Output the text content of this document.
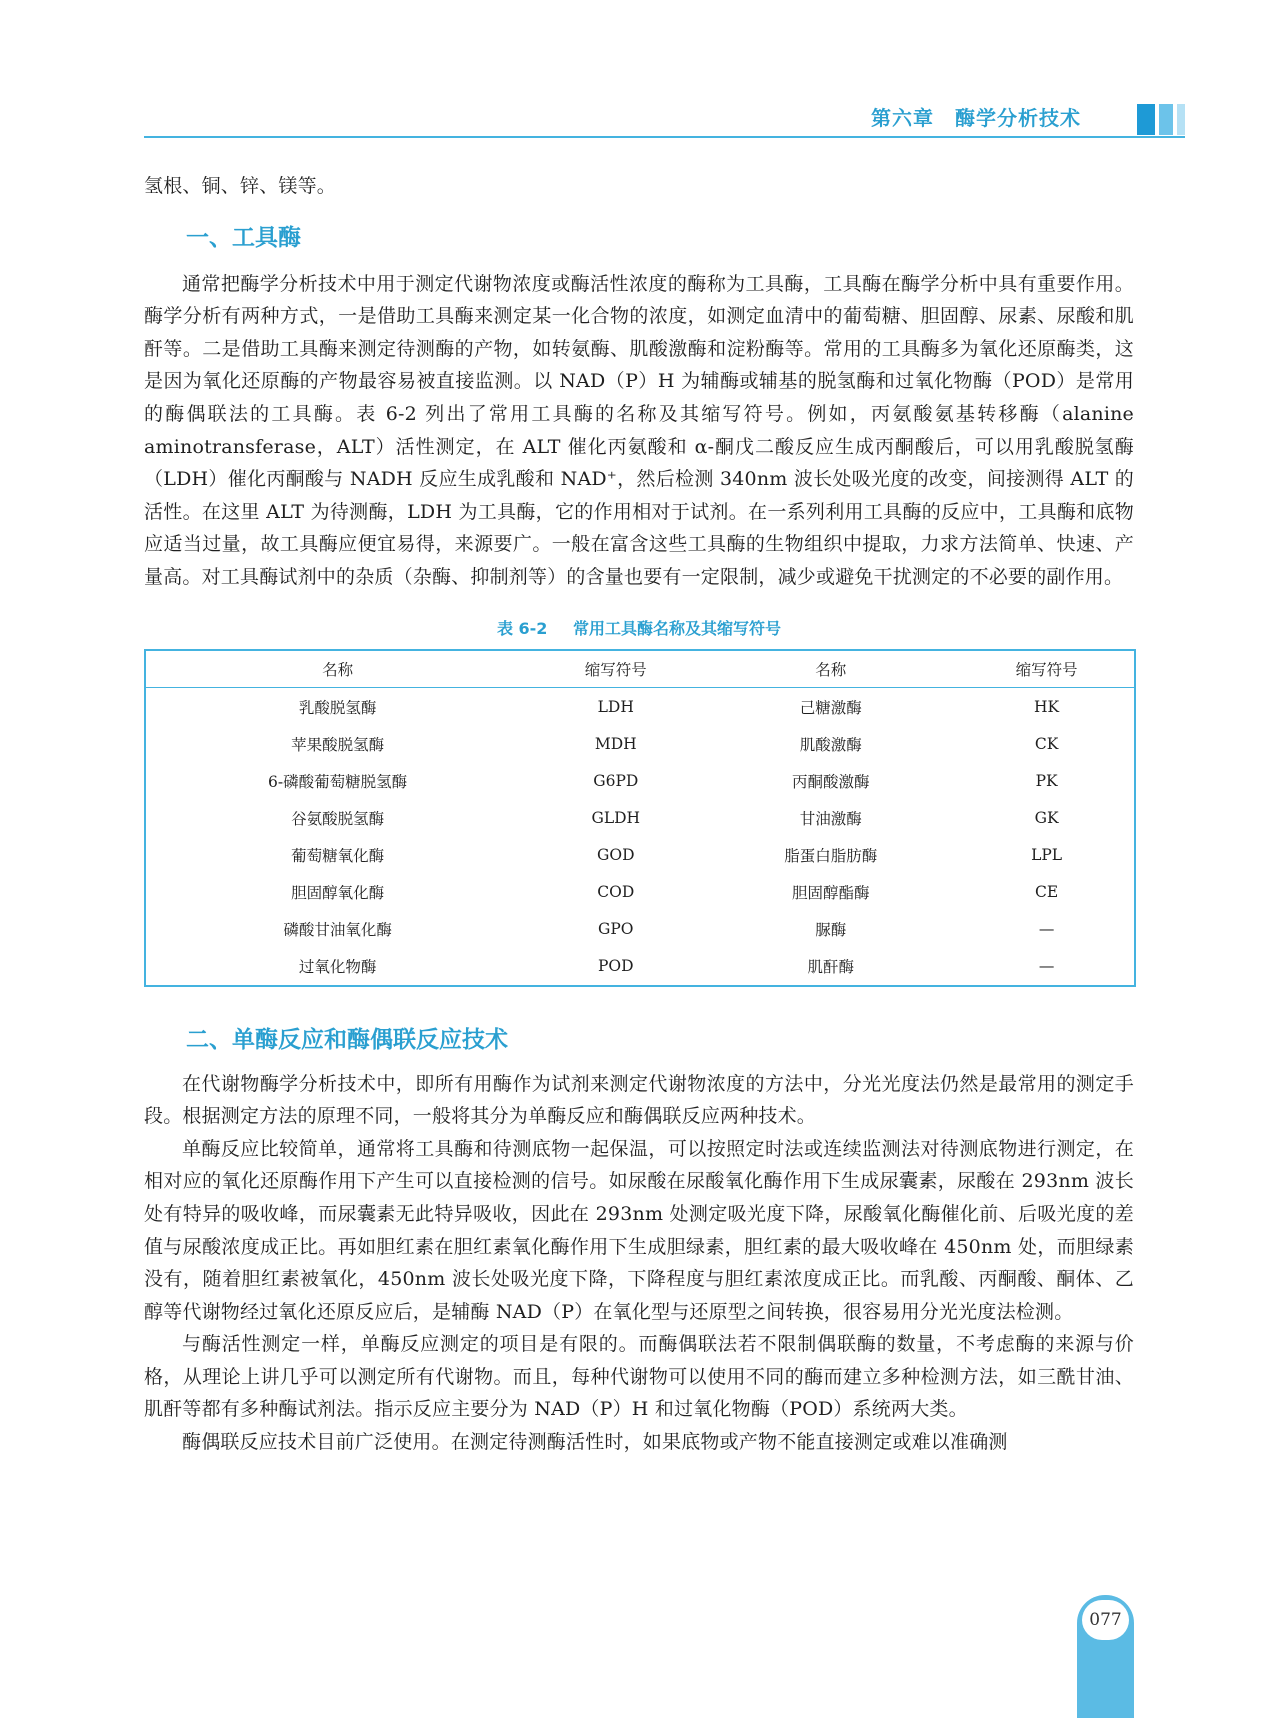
第六章　酶学分析技术

氢根、铜、锌、镁等。

一、工具酶

通常把酶学分析技术中用于测定代谢物浓度或酶活性浓度的酶称为工具酶，工具酶在酶学分析中具有重要作用。酶学分析有两种方式，一是借助工具酶来测定某一化合物的浓度，如测定血清中的葡萄糖、胆固醇、尿素、尿酸和肌酐等。二是借助工具酶来测定待测酶的产物，如转氨酶、肌酸激酶和淀粉酶等。常用的工具酶多为氧化还原酶类，这是因为氧化还原酶的产物最容易被直接监测。以 NAD（P）H 为辅酶或辅基的脱氢酶和过氧化物酶（POD）是常用的酶偶联法的工具酶。表 6-2 列出了常用工具酶的名称及其缩写符号。例如，丙氨酸氨基转移酶（alanine aminotransferase，ALT）活性测定，在 ALT 催化丙氨酸和 α-酮戊二酸反应生成丙酮酸后，可以用乳酸脱氢酶（LDH）催化丙酮酸与 NADH 反应生成乳酸和 NAD⁺，然后检测 340nm 波长处吸光度的改变，间接测得 ALT 的活性。在这里 ALT 为待测酶，LDH 为工具酶，它的作用相对于试剂。在一系列利用工具酶的反应中，工具酶和底物应适当过量，故工具酶应便宜易得，来源要广。一般在富含这些工具酶的生物组织中提取，力求方法简单、快速、产量高。对工具酶试剂中的杂质（杂酶、抑制剂等）的含量也要有一定限制，减少或避免干扰测定的不必要的副作用。

表 6-2 常用工具酶名称及其缩写符号
名称	缩写符号	名称	缩写符号
乳酸脱氢酶	LDH	己糖激酶	HK
苹果酸脱氢酶	MDH	肌酸激酶	CK
6-磷酸葡萄糖脱氢酶	G6PD	丙酮酸激酶	PK
谷氨酸脱氢酶	GLDH	甘油激酶	GK
葡萄糖氧化酶	GOD	脂蛋白脂肪酶	LPL
胆固醇氧化酶	COD	胆固醇酯酶	CE
磷酸甘油氧化酶	GPO	脲酶	—
过氧化物酶	POD	肌酐酶	—
二、单酶反应和酶偶联反应技术

在代谢物酶学分析技术中，即所有用酶作为试剂来测定代谢物浓度的方法中，分光光度法仍然是最常用的测定手段。根据测定方法的原理不同，一般将其分为单酶反应和酶偶联反应两种技术。

单酶反应比较简单，通常将工具酶和待测底物一起保温，可以按照定时法或连续监测法对待测底物进行测定，在相对应的氧化还原酶作用下产生可以直接检测的信号。如尿酸在尿酸氧化酶作用下生成尿囊素，尿酸在 293nm 波长处有特异的吸收峰，而尿囊素无此特异吸收，因此在 293nm 处测定吸光度下降，尿酸氧化酶催化前、后吸光度的差值与尿酸浓度成正比。再如胆红素在胆红素氧化酶作用下生成胆绿素，胆红素的最大吸收峰在 450nm 处，而胆绿素没有，随着胆红素被氧化，450nm 波长处吸光度下降，下降程度与胆红素浓度成正比。而乳酸、丙酮酸、酮体、乙醇等代谢物经过氧化还原反应后，是辅酶 NAD（P）在氧化型与还原型之间转换，很容易用分光光度法检测。

与酶活性测定一样，单酶反应测定的项目是有限的。而酶偶联法若不限制偶联酶的数量，不考虑酶的来源与价格，从理论上讲几乎可以测定所有代谢物。而且，每种代谢物可以使用不同的酶而建立多种检测方法，如三酰甘油、肌酐等都有多种酶试剂法。指示反应主要分为 NAD（P）H 和过氧化物酶（POD）系统两大类。

酶偶联反应技术目前广泛使用。在测定待测酶活性时，如果底物或产物不能直接测定或难以准确测

077
